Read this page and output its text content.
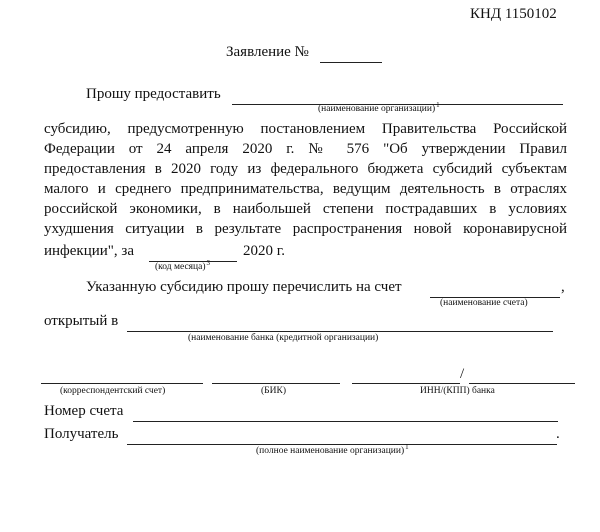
КНД 1150102
Заявление №
Прошу предоставить
(наименование организации)$^1$
субсидию, предусмотренную постановлением Правительства Российской
Федерации от 24 апреля 2020 г. № 576 "Об утверждении Правил
предоставления в 2020 году из федерального бюджета субсидий субъектам
малого и среднего предпринимательства, ведущим деятельность в отраслях
российской экономики, в наибольшей степени пострадавших в условиях
ухудшения ситуации в результате распространения новой коронавирусной
инфекции", за	2020 г.
(код месяца)$^3$
Указанную субсидию прошу перечислить на счет	,
(наименование счета)
открытый в
(наименование банка (кредитной организации)
/
(корреспондентский счет)	(БИК)	ИНН/(КПП) банка
Номер счета
Получатель	.
(полное наименование организации)$^1$
